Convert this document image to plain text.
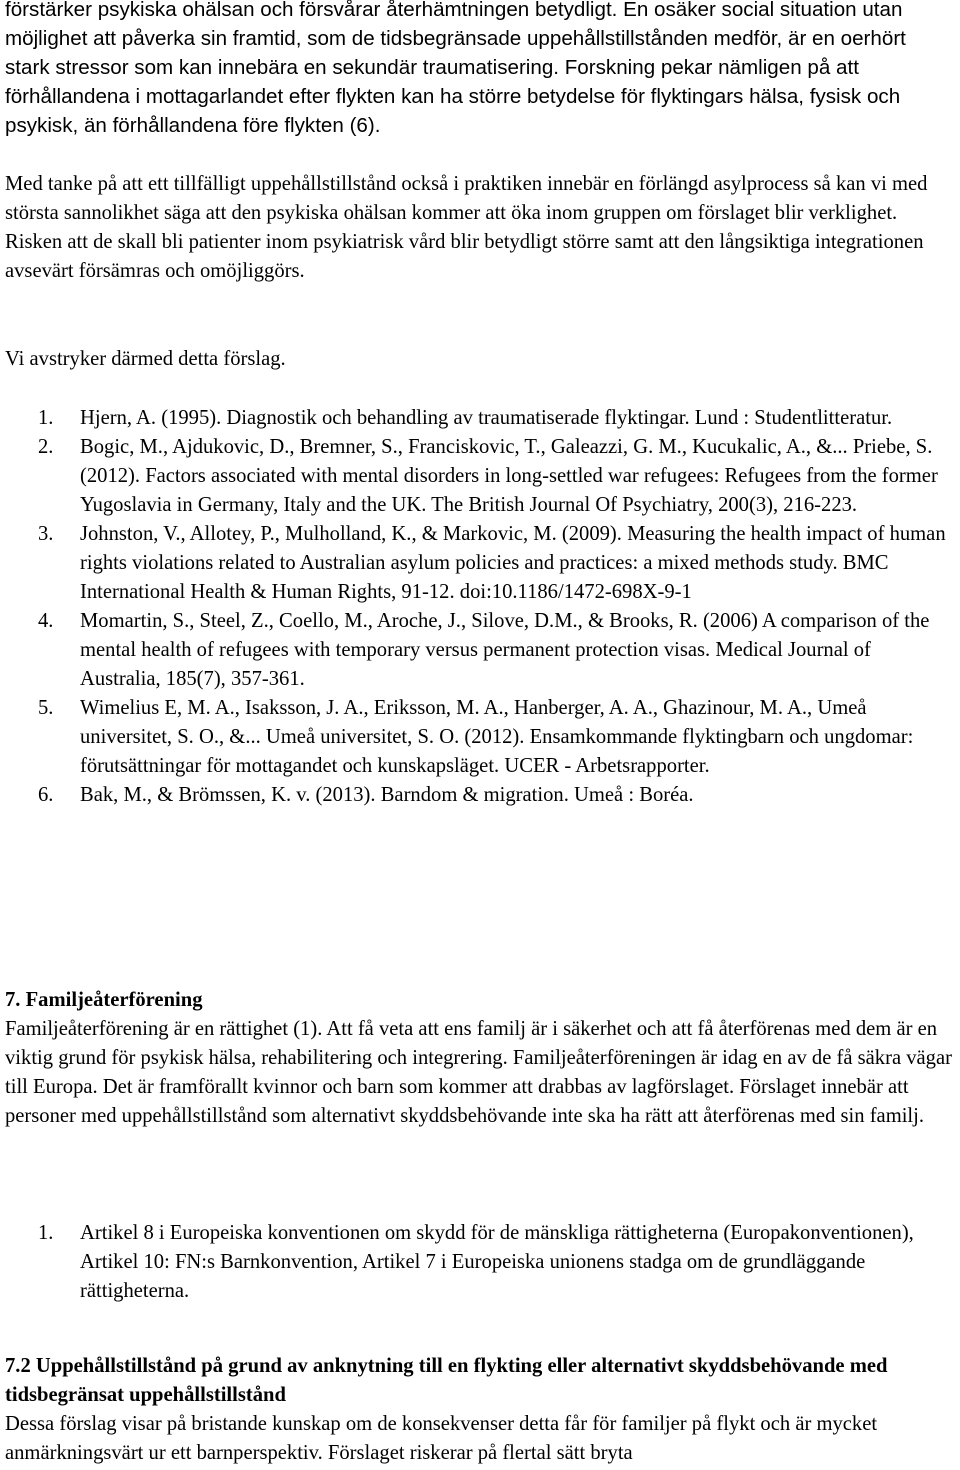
förstärker psykiska ohälsan och försvårar återhämtningen betydligt. En osäker social situation utan möjlighet att påverka sin framtid, som de tidsbegränsade uppehållstillstånden medför, är en oerhört stark stressor som kan innebära en sekundär traumatisering. Forskning pekar nämligen på att förhållandena i mottagarlandet efter flykten kan ha större betydelse för flyktingars hälsa, fysisk och psykisk, än förhållandena före flykten (6).

Med tanke på att ett tillfälligt uppehållstillstånd också i praktiken innebär en förlängd asylprocess så kan vi med största sannolikhet säga att den psykiska ohälsan kommer att öka inom gruppen om förslaget blir verklighet. Risken att de skall bli patienter inom psykiatrisk vård blir betydligt större samt att den långsiktiga integrationen avsevärt försämras och omöjliggörs.

Vi avstryker därmed detta förslag.

1. Hjern, A. (1995). Diagnostik och behandling av traumatiserade flyktingar. Lund : Studentlitteratur.
2. Bogic, M., Ajdukovic, D., Bremner, S., Franciskovic, T., Galeazzi, G. M., Kucukalic, A., &... Priebe, S. (2012). Factors associated with mental disorders in long-settled war refugees: Refugees from the former Yugoslavia in Germany, Italy and the UK. The British Journal Of Psychiatry, 200(3), 216-223.
3. Johnston, V., Allotey, P., Mulholland, K., & Markovic, M. (2009). Measuring the health impact of human rights violations related to Australian asylum policies and practices: a mixed methods study. BMC International Health & Human Rights, 91-12. doi:10.1186/1472-698X-9-1
4. Momartin, S., Steel, Z., Coello, M., Aroche, J., Silove, D.M., & Brooks, R. (2006) A comparison of the mental health of refugees with temporary versus permanent protection visas. Medical Journal of Australia, 185(7), 357-361.
5. Wimelius E, M. A., Isaksson, J. A., Eriksson, M. A., Hanberger, A. A., Ghazinour, M. A., Umeå universitet, S. O., &... Umeå universitet, S. O. (2012). Ensamkommande flyktingbarn och ungdomar: förutsättningar för mottagandet och kunskapsläget. UCER - Arbetsrapporter.
6. Bak, M., & Brömssen, K. v. (2013). Barndom & migration. Umeå : Boréa.
7. Familjeåterförening

Familjeåterförening är en rättighet (1). Att få veta att ens familj är i säkerhet och att få återförenas med dem är en viktig grund för psykisk hälsa, rehabilitering och integrering. Familjeåterföreningen är idag en av de få säkra vägar till Europa. Det är framförallt kvinnor och barn som kommer att drabbas av lagförslaget. Förslaget innebär att personer med uppehållstillstånd som alternativt skyddsbehövande inte ska ha rätt att återförenas med sin familj.

1. Artikel 8 i Europeiska konventionen om skydd för de mänskliga rättigheterna (Europakonventionen), Artikel 10: FN:s Barnkonvention, Artikel 7 i Europeiska unionens stadga om de grundläggande rättigheterna.
7.2 Uppehållstillstånd på grund av anknytning till en flykting eller alternativt skyddsbehövande med tidsbegränsat uppehållstillstånd

Dessa förslag visar på bristande kunskap om de konsekvenser detta får för familjer på flykt och är mycket anmärkningsvärt ur ett barnperspektiv. Förslaget riskerar på flertal sätt bryta
